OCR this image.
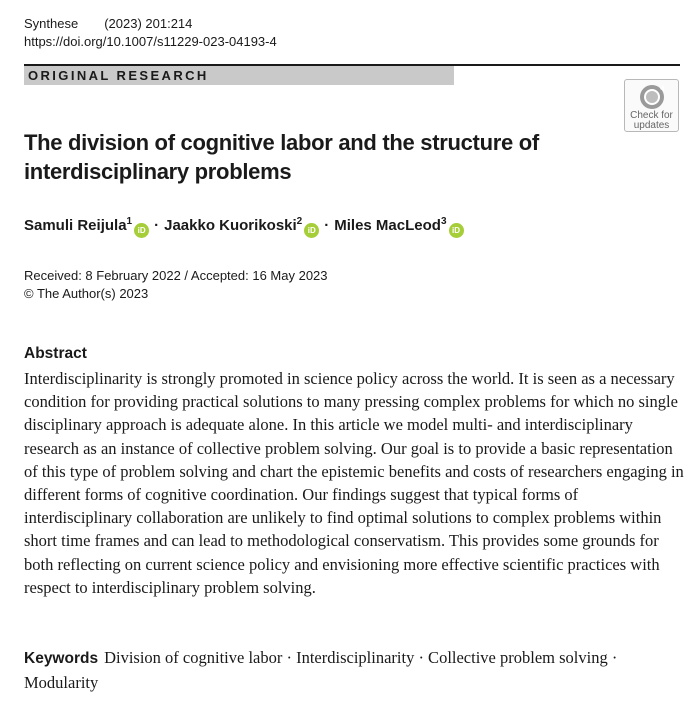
Synthese (2023) 201:214
https://doi.org/10.1007/s11229-023-04193-4
ORIGINAL RESEARCH
Check for
updates
The division of cognitive labor and the structure of interdisciplinary problems
Samuli Reijula$^1$iD · Jaakko Kuorikoski$^2$iD · Miles MacLeod$^3$iD
Received: 8 February 2022 / Accepted: 16 May 2023
© The Author(s) 2023
Abstract

Interdisciplinarity is strongly promoted in science policy across the world. It is seen as a necessary condition for providing practical solutions to many pressing complex problems for which no single disciplinary approach is adequate alone. In this article we model multi- and interdisciplinary research as an instance of collective problem solving. Our goal is to provide a basic representation of this type of problem solving and chart the epistemic benefits and costs of researchers engaging in different forms of cognitive coordination. Our findings suggest that typical forms of interdisciplinary collaboration are unlikely to find optimal solutions to complex problems within short time frames and can lead to methodological conservatism. This provides some grounds for both reflecting on current science policy and envisioning more effective scientific practices with respect to interdisciplinary problem solving.

Keywords Division of cognitive labor · Interdisciplinarity · Collective problem solving · Modularity
